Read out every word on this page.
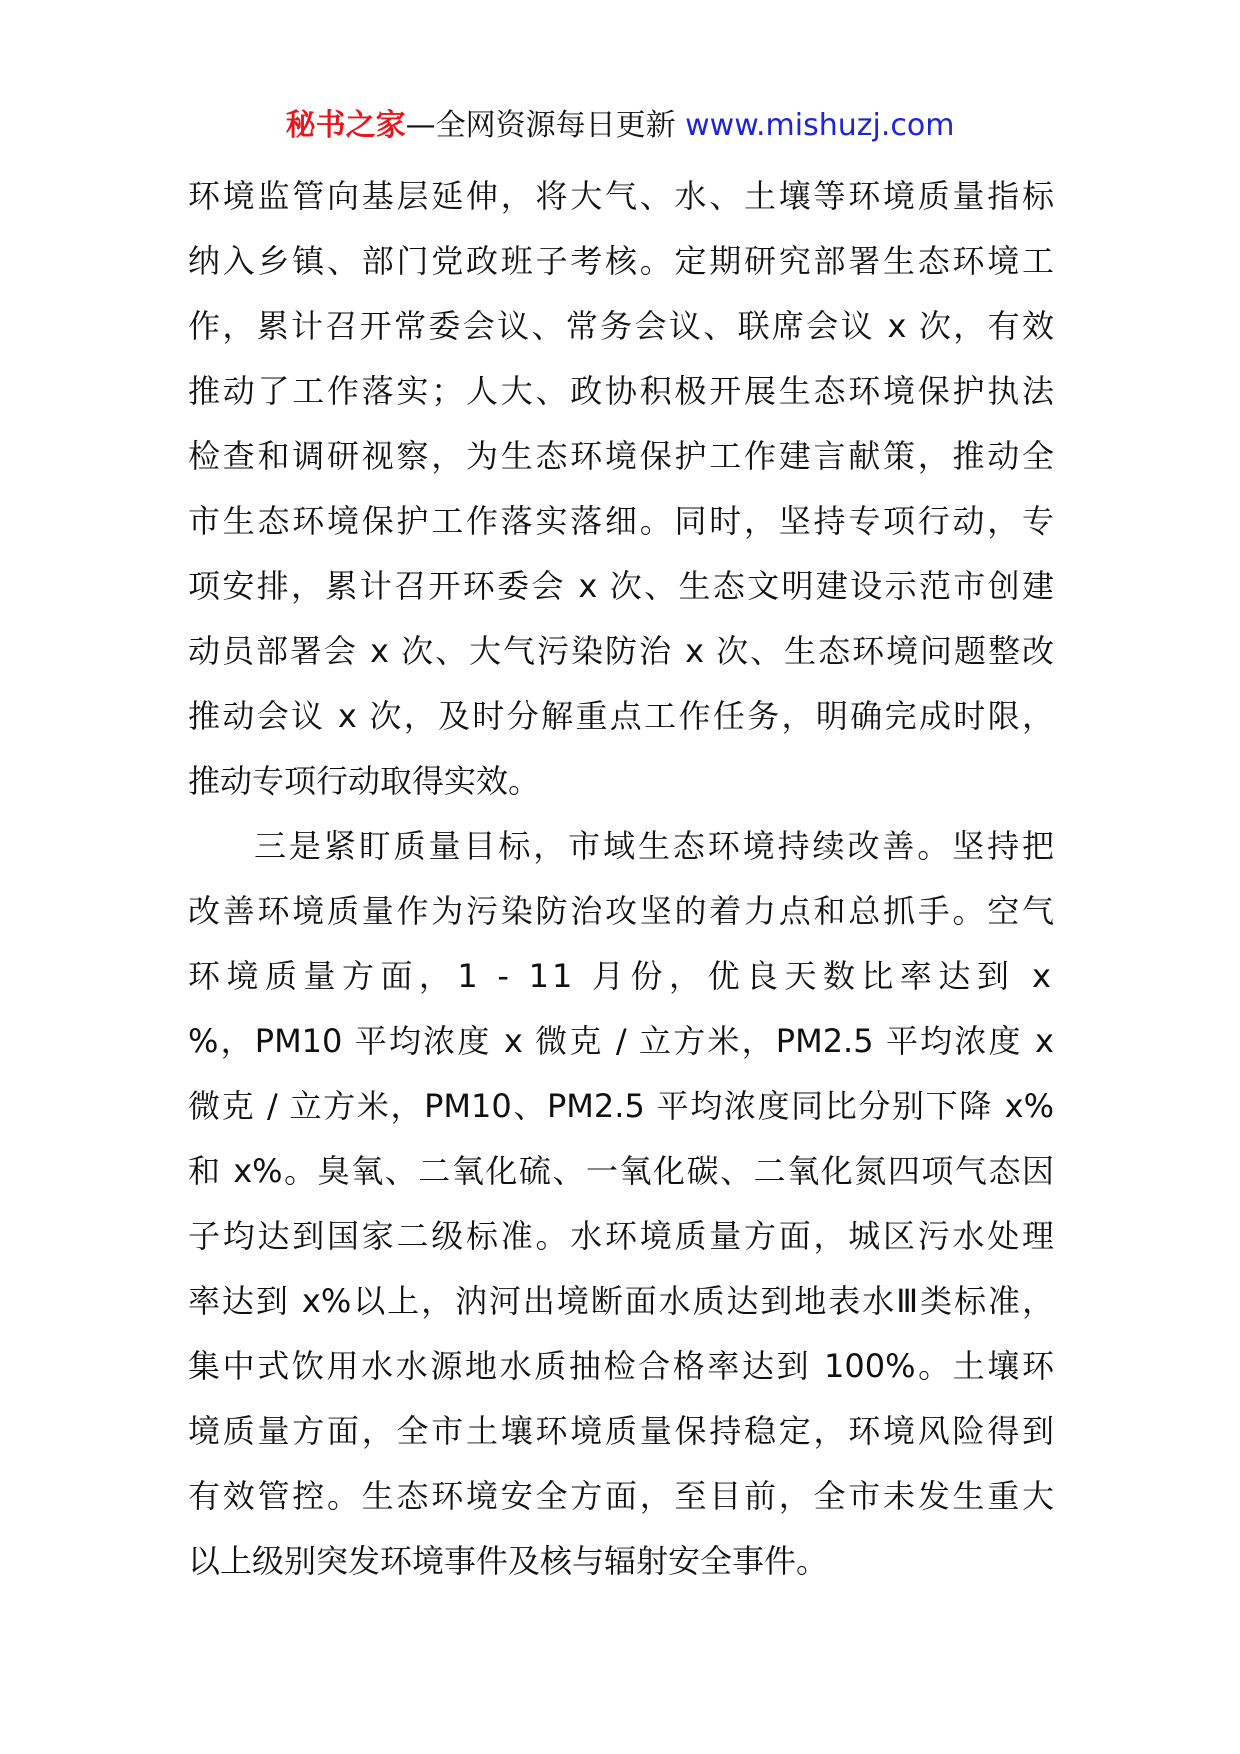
秘书之家—全网资源每日更新 www.mishuzj.com
环境监管向基层延伸，将大气、水、土壤等环境质量指标
纳入乡镇、部门党政班子考核。定期研究部署生态环境工
作，累计召开常委会议、常务会议、联席会议 x 次，有效
推动了工作落实；人大、政协积极开展生态环境保护执法
检查和调研视察，为生态环境保护工作建言献策，推动全
市生态环境保护工作落实落细。同时，坚持专项行动，专
项安排，累计召开环委会 x 次、生态文明建设示范市创建
动员部署会 x 次、大气污染防治 x 次、生态环境问题整改
推动会议 x 次，及时分解重点工作任务，明确完成时限，
推动专项行动取得实效。
三是紧盯质量目标，市域生态环境持续改善。坚持把
改善环境质量作为污染防治攻坚的着力点和总抓手。空气
环境质量方面，1 - 11 月份，优良天数比率达到 x
%，PM10 平均浓度 x 微克 / 立方米，PM2.5 平均浓度 x
微克 / 立方米，PM10、PM2.5 平均浓度同比分别下降 x%
和 x%。臭氧、二氧化硫、一氧化碳、二氧化氮四项气态因
子均达到国家二级标准。水环境质量方面，城区污水处理
率达到 x%以上，汭河出境断面水质达到地表水Ⅲ类标准，
集中式饮用水水源地水质抽检合格率达到 100%。土壤环
境质量方面，全市土壤环境质量保持稳定，环境风险得到
有效管控。生态环境安全方面，至目前，全市未发生重大
以上级别突发环境事件及核与辐射安全事件。
